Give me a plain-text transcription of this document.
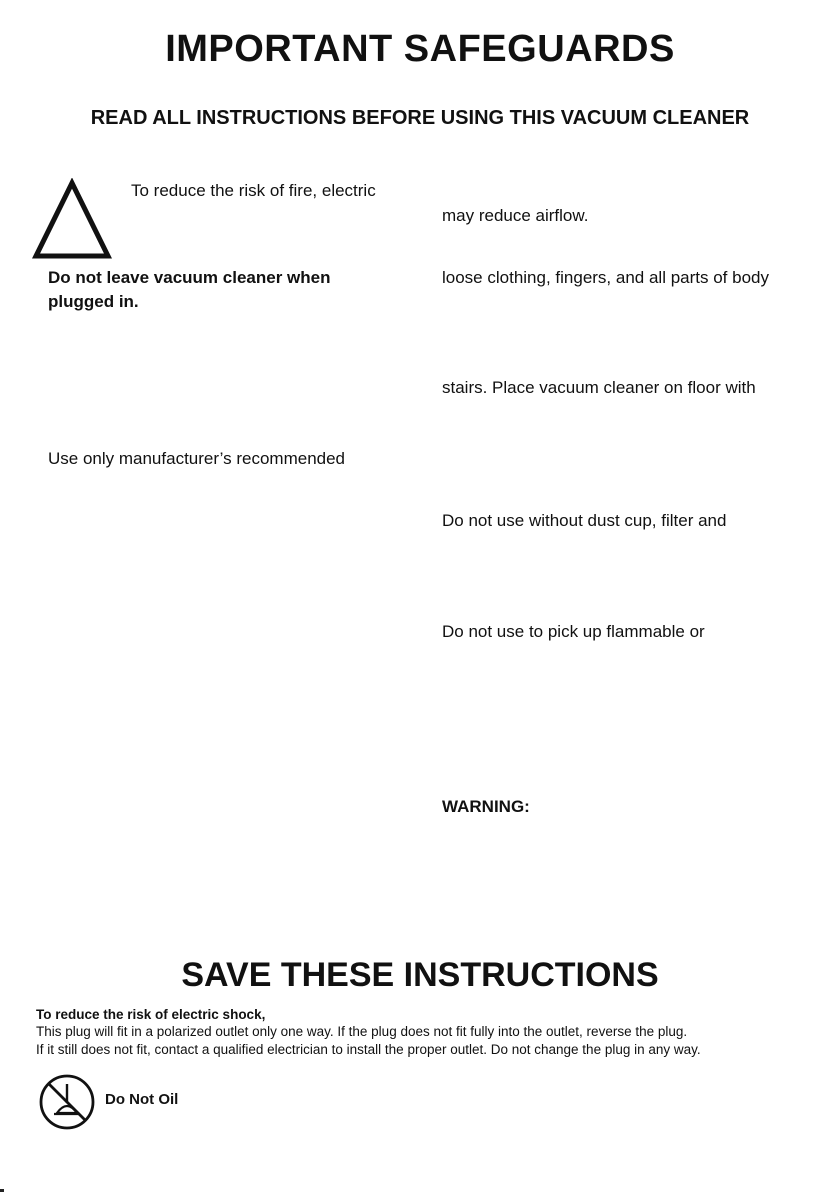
IMPORTANT SAFEGUARDS
READ ALL INSTRUCTIONS BEFORE USING THIS VACUUM CLEANER
To reduce the risk of fire, electric
Do not leave vacuum cleaner when
plugged in.
Use only manufacturer’s recommended
may reduce airflow.
loose clothing, fingers, and all parts of body
stairs. Place vacuum cleaner on floor with
Do not use without dust cup, filter and
Do not use to pick up flammable or
WARNING:
SAVE THESE INSTRUCTIONS
To reduce the risk of electric shock,
This plug will fit in a polarized outlet only one way. If the plug does not fit fully into the outlet, reverse the plug.
If it still does not fit, contact a qualified electrician to install the proper outlet. Do not change the plug in any way.
Do Not Oil
